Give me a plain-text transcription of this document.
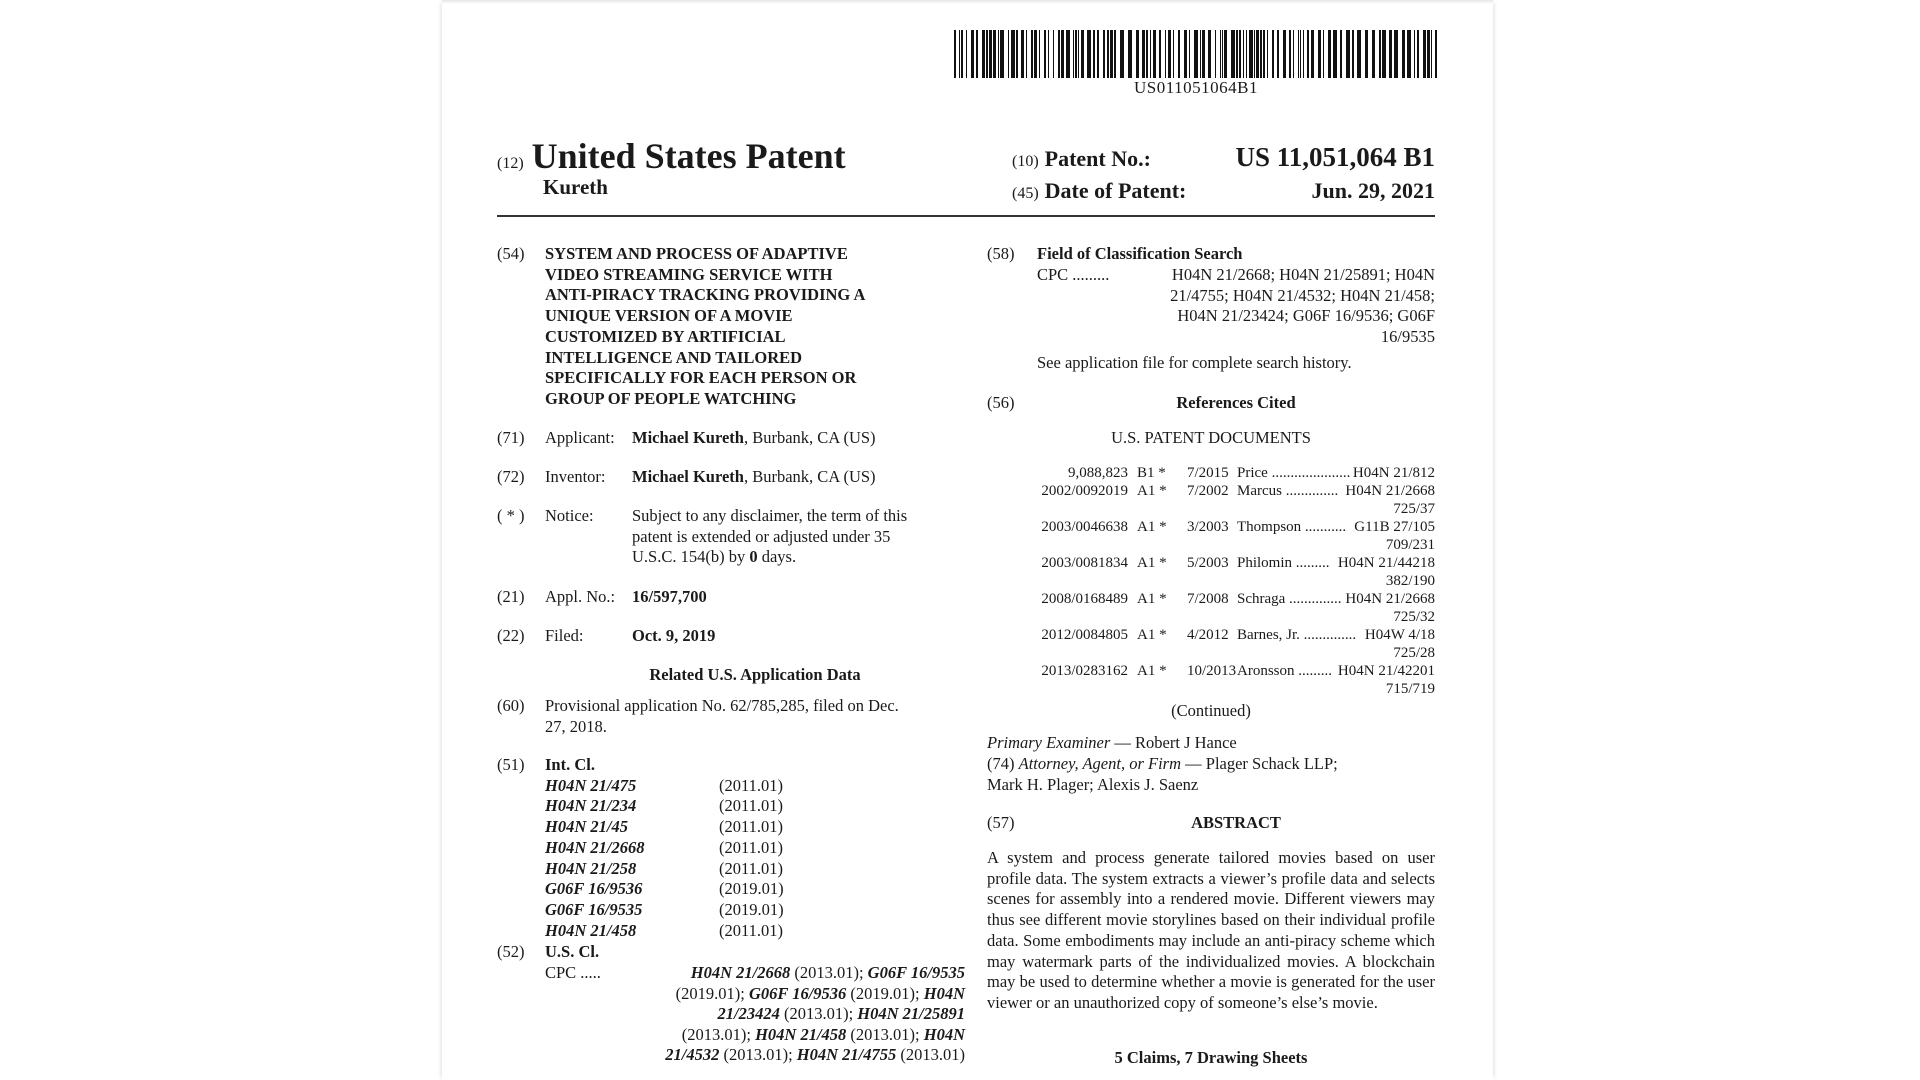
US011051064B1
(12) United States Patent
Kureth
(10) Patent No.:	US 11,051,064 B1
(45) Date of Patent:	Jun. 29, 2021
(54) SYSTEM AND PROCESS OF ADAPTIVE
VIDEO STREAMING SERVICE WITH
ANTI-PIRACY TRACKING PROVIDING A
UNIQUE VERSION OF A MOVIE
CUSTOMIZED BY ARTIFICIAL
INTELLIGENCE AND TAILORED
SPECIFICALLY FOR EACH PERSON OR
GROUP OF PEOPLE WATCHING
(71) Applicant: Michael Kureth, Burbank, CA (US)
(72) Inventor: Michael Kureth, Burbank, CA (US)
( * ) Notice: Subject to any disclaimer, the term of this
patent is extended or adjusted under 35
U.S.C. 154(b) by 0 days.
(21) Appl. No.: 16/597,700
(22) Filed:	Oct. 9, 2019
Related U.S. Application Data
(60) Provisional application No. 62/785,285, filed on Dec.
27, 2018.
(51) Int. Cl.
H04N 21/475	(2011.01)
H04N 21/234	(2011.01)
H04N 21/45	(2011.01)
H04N 21/2668	(2011.01)
H04N 21/258	(2011.01)
G06F 16/9536	(2019.01)
G06F 16/9535	(2019.01)
H04N 21/458	(2011.01)
(52) U.S. Cl.
CPC .....	H04N 21/2668 (2013.01); G06F 16/9535
(2019.01); G06F 16/9536 (2019.01); H04N
21/23424 (2013.01); H04N 21/25891
(2013.01); H04N 21/458 (2013.01); H04N
21/4532 (2013.01); H04N 21/4755 (2013.01)
(58) Field of Classification Search
CPC .........	H04N 21/2668; H04N 21/25891; H04N
21/4755; H04N 21/4532; H04N 21/458;
H04N 21/23424; G06F 16/9536; G06F
16/9535
See application file for complete search history.
(56)	References Cited
U.S. PATENT DOCUMENTS
9,088,823 B1 * 7/2015 Price ..................... H04N 21/812
2002/0092019 A1 * 7/2002 Marcus .............. H04N 21/2668
725/37
2003/0046638 A1 * 3/2003 Thompson ........... G11B 27/105
709/231
2003/0081834 A1 * 5/2003 Philomin ......... H04N 21/44218
382/190
2008/0168489 A1 * 7/2008 Schraga .............. H04N 21/2668
725/32
2012/0084805 A1 * 4/2012 Barnes, Jr. .............. H04W 4/18
725/28
2013/0283162 A1 * 10/2013 Aronsson ......... H04N 21/42201
715/719
(Continued)
Primary Examiner — Robert J Hance
(74) Attorney, Agent, or Firm — Plager Schack LLP;
Mark H. Plager; Alexis J. Saenz
(57)	ABSTRACT
A system and process generate tailored movies based on user profile data. The system extracts a viewer’s profile data and selects scenes for assembly into a rendered movie. Different viewers may thus see different movie storylines based on their individual profile data. Some embodiments may include an anti-piracy scheme which may watermark parts of the individualized movies. A blockchain may be used to determine whether a movie is generated for the user viewer or an unauthorized copy of someone’s else’s movie.
5 Claims, 7 Drawing Sheets
